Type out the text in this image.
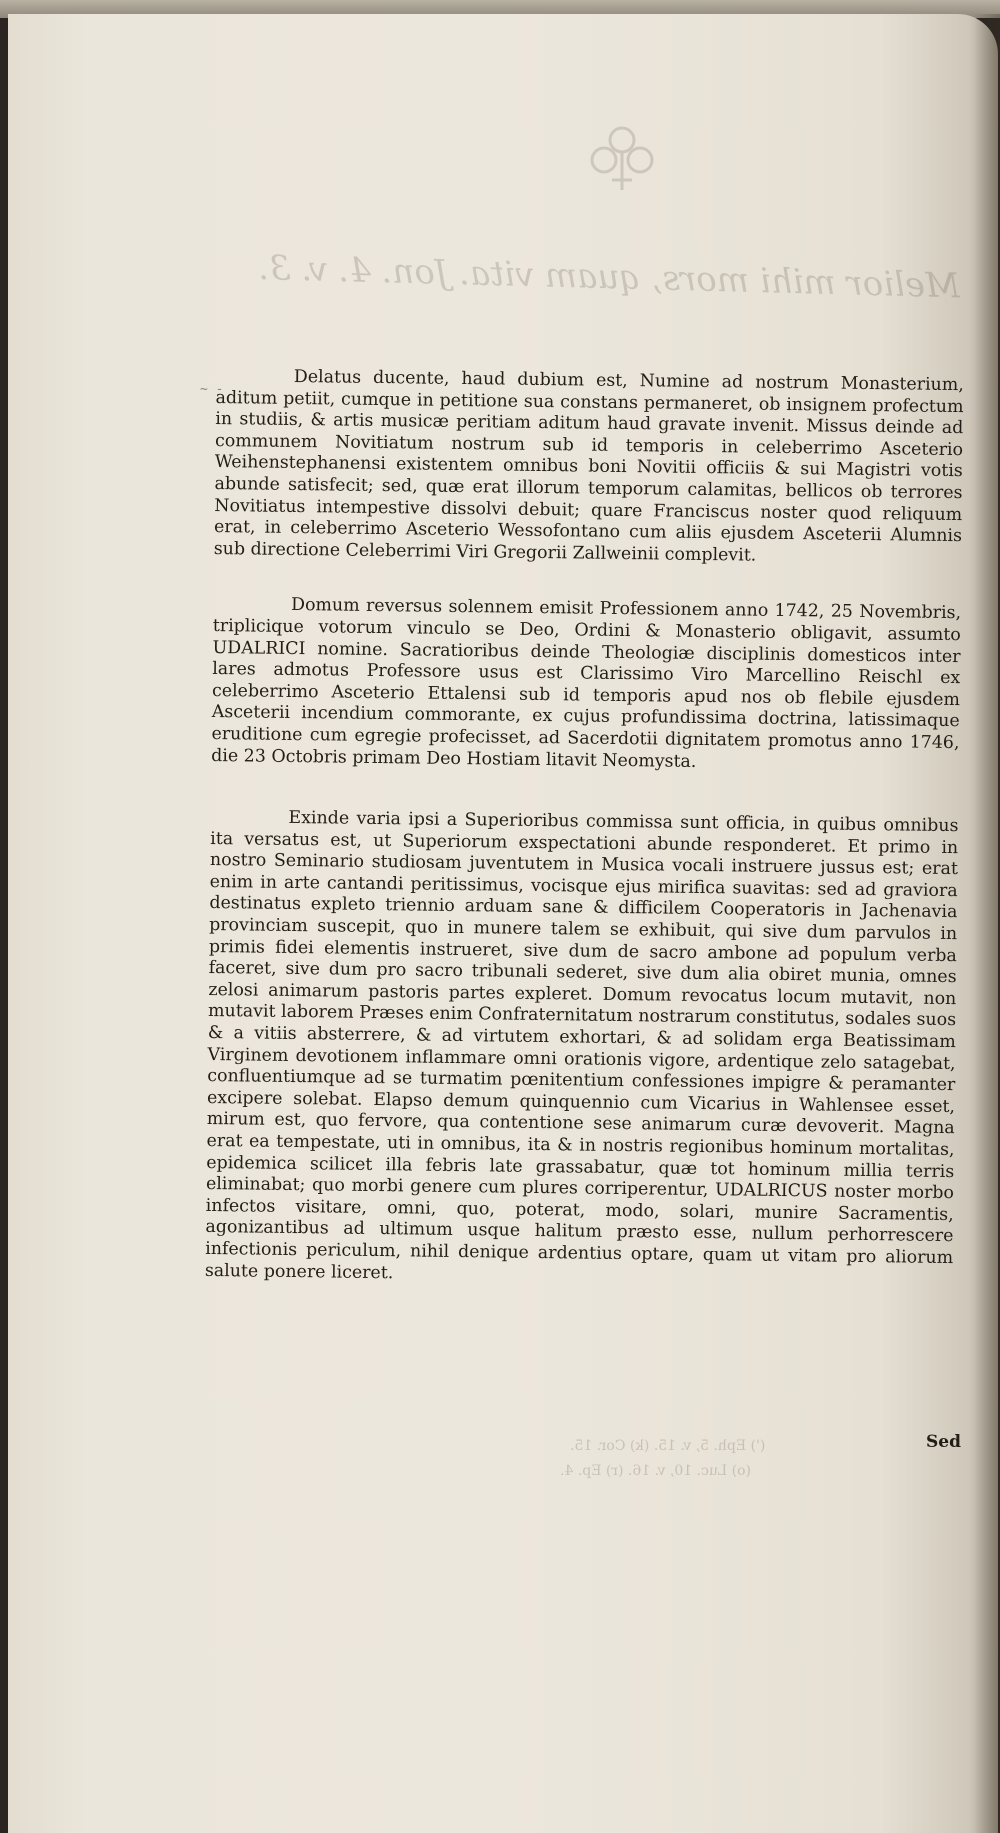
Melior mihi mors, quam vita. Jon. 4. v. 3.
~ -	Delatus ducente, haud dubium est, Numine ad nostrum Monasterium, aditum petiit, cumque in petitione sua constans permaneret, ob insignem profectum in studiis, & artis musicæ peritiam aditum haud gravate invenit. Missus deinde ad communem Novitiatum nostrum sub id temporis in celeberrimo Asceterio Weihenstephanensi existentem omnibus boni Novitii officiis & sui Magistri votis abunde satisfecit; sed, quæ erat illorum temporum calamitas, bellicos ob terrores Novitiatus intempestive dissolvi debuit; quare Franciscus noster quod reliquum erat, in celeberrimo Asceterio Wessofontano cum aliis ejusdem Asceterii Alumnis sub directione Celeberrimi Viri Gregorii Zallweinii complevit.

Domum reversus solennem emisit Professionem anno 1742, 25 Novembris, triplicique votorum vinculo se Deo, Ordini & Monasterio obligavit, assumto UDALRICI nomine. Sacratioribus deinde Theologiæ disciplinis domesticos inter lares admotus Professore usus est Clarissimo Viro Marcellino Reischl ex celeberrimo Asceterio Ettalensi sub id temporis apud nos ob flebile ejusdem Asceterii incendium commorante, ex cujus profundissima doctrina, latissimaque eruditione cum egregie profecisset, ad Sacerdotii dignitatem promotus anno 1746, die 23 Octobris primam Deo Hostiam litavit Neomysta.

Exinde varia ipsi a Superioribus commissa sunt officia, in quibus omnibus ita versatus est, ut Superiorum exspectationi abunde responderet. Et primo in nostro Seminario studiosam juventutem in Musica vocali instruere jussus est; erat enim in arte cantandi peritissimus, vocisque ejus mirifica suavitas: sed ad graviora destinatus expleto triennio arduam sane & difficilem Cooperatoris in Jachenavia provinciam suscepit, quo in munere talem se exhibuit, qui sive dum parvulos in primis fidei elementis instrueret, sive dum de sacro ambone ad populum verba faceret, sive dum pro sacro tribunali sederet, sive dum alia obiret munia, omnes zelosi animarum pastoris partes expleret. Domum revocatus locum mutavit, non mutavit laborem Præses enim Confraternitatum nostrarum constitutus, sodales suos & a vitiis absterrere, & ad virtutem exhortari, & ad solidam erga Beatissimam Virginem devotionem inflammare omni orationis vigore, ardentique zelo satagebat, confluentiumque ad se turmatim pœnitentium confessiones impigre & peramanter excipere solebat. Elapso demum quinquennio cum Vicarius in Wahlensee esset, mirum est, quo fervore, qua contentione sese animarum curæ devoverit. Magna erat ea tempestate, uti in omnibus, ita & in nostris regionibus hominum mortalitas, epidemica scilicet illa febris late grassabatur, quæ tot hominum millia terris eliminabat; quo morbi genere cum plures corriperentur, UDALRICUS noster morbo infectos visitare, omni, quo, poterat, modo, solari, munire Sacramentis, agonizantibus ad ultimum usque halitum præsto esse, nullum perhorrescere infectionis periculum, nihil denique ardentius optare, quam ut vitam pro aliorum salute ponere liceret.

(') Eph. 5, v. 15. (k) Cor. 15.
(o) Luc. 10, v. 16. (r) Ep. 4.
Sed
